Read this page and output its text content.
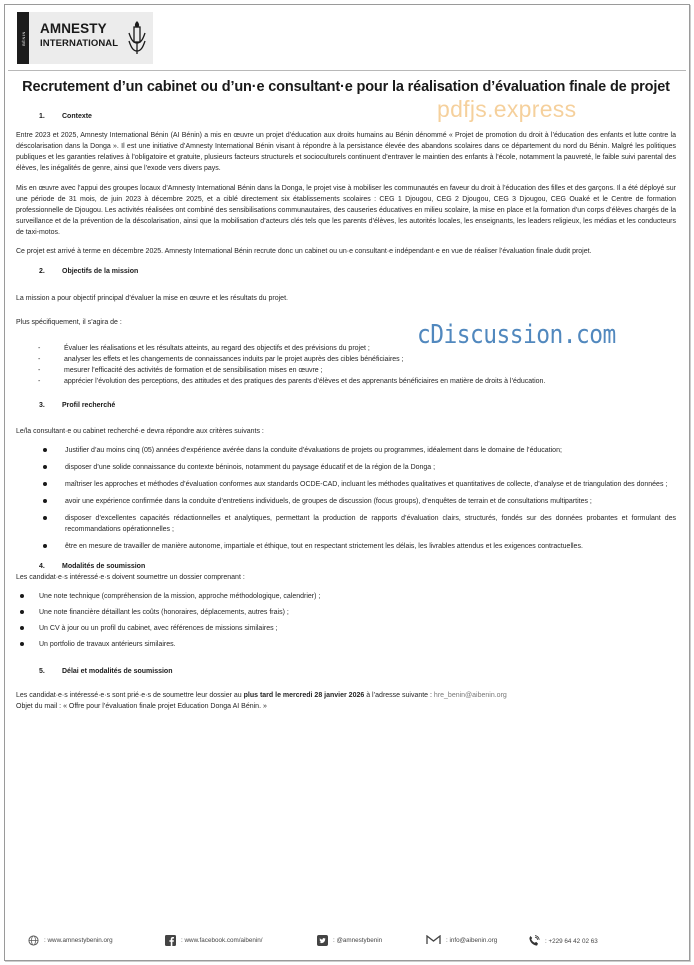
BÉNIN
AMNESTY
INTERNATIONAL
Recrutement d’un cabinet ou d’un·e consultant·e pour la réalisation d’évaluation finale de projet
pdfjs.express
1.	Contexte

Entre 2023 et 2025, Amnesty International Bénin (AI Bénin) a mis en œuvre un projet d’éducation aux droits humains au Bénin dénommé « Projet de promotion du droit à l’éducation des enfants et lutte contre la déscolarisation dans la Donga ». Il est une initiative d’Amnesty International Bénin visant à répondre à la persistance élevée des abandons scolaires dans ce département du nord du Bénin. Malgré les politiques publiques et les garanties relatives à l’obligatoire et gratuite, plusieurs facteurs structurels et socioculturels continuent d’entraver le maintien des enfants à l’école, notamment la pauvreté, le faible suivi parental des élèves, les inégalités de genre, ainsi que l’exode vers divers pays.

Mis en œuvre avec l’appui des groupes locaux d’Amnesty International Bénin dans la Donga, le projet vise à mobiliser les communautés en faveur du droit à l’éducation des filles et des garçons. Il a été déployé sur une période de 31 mois, de juin 2023 à décembre 2025, et a ciblé directement six établissements scolaires : CEG 1 Djougou, CEG 2 Djougou, CEG 3 Djougou, CEG Ouaké et le Centre de formation professionnelle de Djougou. Les activités réalisées ont combiné des sensibilisations communautaires, des causeries éducatives en milieu scolaire, la mise en place et la formation d’un corps d’élèves chargés de la surveillance et de la prévention de la déscolarisation, ainsi que la mobilisation d’acteurs clés tels que les parents d’élèves, les autorités locales, les enseignants, les leaders religieux, les médias et les conducteurs de taxi-motos.

Ce projet est arrivé à terme en décembre 2025. Amnesty International Bénin recrute donc un cabinet ou un·e consultant·e indépendant·e en vue de réaliser l’évaluation finale dudit projet.

2.	Objectifs de la mission

La mission a pour objectif principal d’évaluer la mise en œuvre et les résultats du projet.

Plus spécifiquement, il s’agira de :

- Évaluer les réalisations et les résultats atteints, au regard des objectifs et des prévisions du projet ;
- analyser les effets et les changements de connaissances induits par le projet auprès des cibles bénéficiaires ;
- mesurer l’efficacité des activités de formation et de sensibilisation mises en œuvre ;
- apprécier l’évolution des perceptions, des attitudes et des pratiques des parents d’élèves et des apprenants bénéficiaires en matière de droits à l’éducation.
3.	Profil recherché

Le/la consultant·e ou cabinet recherché·e devra répondre aux critères suivants :

Justifier d’au moins cinq (05) années d’expérience avérée dans la conduite d’évaluations de projets ou programmes, idéalement dans le domaine de l’éducation;
disposer d’une solide connaissance du contexte béninois, notamment du paysage éducatif et de la région de la Donga ;
maîtriser les approches et méthodes d’évaluation conformes aux standards OCDE-CAD, incluant les méthodes qualitatives et quantitatives de collecte, d’analyse et de triangulation des données ;
avoir une expérience confirmée dans la conduite d’entretiens individuels, de groupes de discussion (focus groups), d’enquêtes de terrain et de consultations multipartites ;
disposer d’excellentes capacités rédactionnelles et analytiques, permettant la production de rapports d’évaluation clairs, structurés, fondés sur des données probantes et formulant des recommandations opérationnelles ;
être en mesure de travailler de manière autonome, impartiale et éthique, tout en respectant strictement les délais, les livrables attendus et les exigences contractuelles.
4.	Modalités de soumission

Les candidat·e·s intéressé·e·s doivent soumettre un dossier comprenant :

Une note technique (compréhension de la mission, approche méthodologique, calendrier) ;
Une note financière détaillant les coûts (honoraires, déplacements, autres frais) ;
Un CV à jour ou un profil du cabinet, avec références de missions similaires ;
Un portfolio de travaux antérieurs similaires.
5.	Délai et modalités de soumission

Les candidat·e·s intéressé·e·s sont prié·e·s de soumettre leur dossier au plus tard le mercredi 28 janvier 2026 à l’adresse suivante : hre_benin@aibenin.org

Objet du mail : « Offre pour l’évaluation finale projet Education Donga AI Bénin. »

cDiscussion.com
: www.amnestybenin.org	: www.facebook.com/aibenin/	: @amnestybenin	: info@aibenin.org	: +229 64 42 02 63
